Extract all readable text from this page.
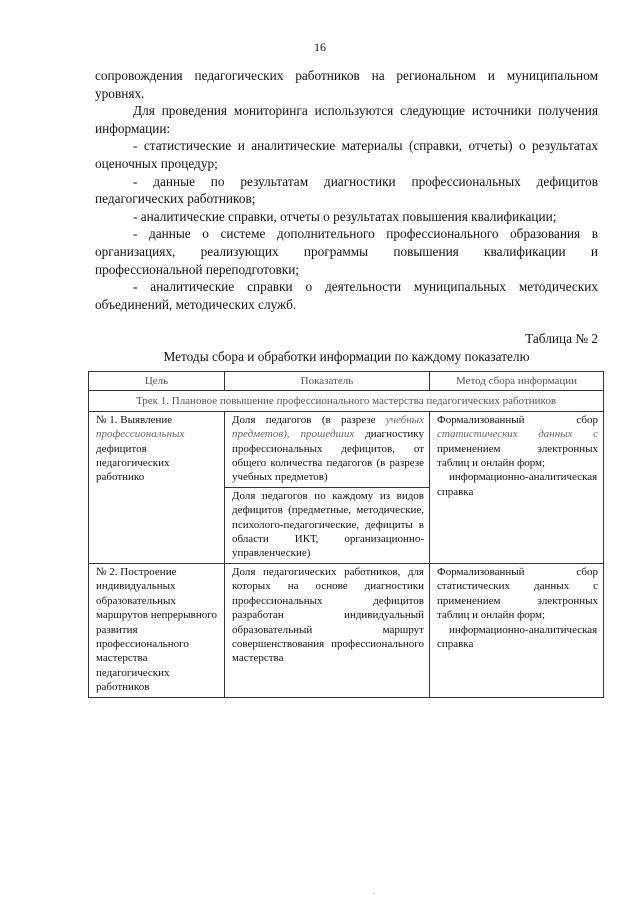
16

сопровождения педагогических работников на региональном и муниципальном уровнях.

Для проведения мониторинга используются следующие источники получения информации:

- статистические и аналитические материалы (справки, отчеты) о результатах оценочных процедур;

- данные по результатам диагностики профессиональных дефицитов педагогических работников;

- аналитические справки, отчеты о результатах повышения квалификации;

- данные о системе дополнительного профессионального образования в организациях, реализующих программы повышения квалификации и профессиональной переподготовки;

- аналитические справки о деятельности муниципальных методических объединений, методических служб.

Таблица № 2
Методы сбора и обработки информации по каждому показателю
Цель	Показатель	Метод сбора информации
Трек 1. Плановое повышение профессионального мастерства педагогических работников		
№ 1. Выявление
профессиональных дефицитов педагогических работнико	Доля педагогов (в разрезе учебных предметов), прошедших диагностику профессиональных дефицитов, от общего количества педагогов (в разрезе учебных предметов)	Формализованный сбор статистических данных с применением электронных таблиц и онлайн форм;
информационно-аналитическая справка
	Доля педагогов по каждому из видов дефицитов (предметные, методические, психолого-педагогические, дефициты в области ИКТ, организационно-управленческие)	
№ 2. Построение индивидуальных образовательных маршрутов непрерывного развития профессионального мастерства педагогических работников	Доля педагогических работников, для которых на основе диагностики профессиональных дефицитов разработан индивидуальный образовательный маршрут совершенствования профессионального мастерства	Формализованный сбор статистических данных с применением электронных таблиц и онлайн форм;
информационно-аналитическая справка
·
